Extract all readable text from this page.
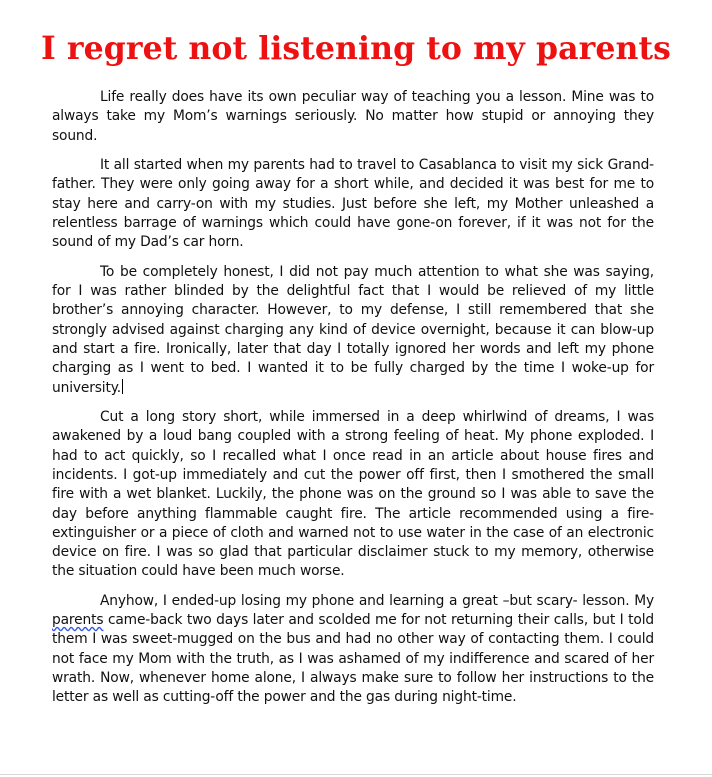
I regret not listening to my parents

Life really does have its own peculiar way of teaching you a lesson. Mine was to always take my Mom’s warnings seriously. No matter how stupid or annoying they sound.

It all started when my parents had to travel to Casablanca to visit my sick Grand-father. They were only going away for a short while, and decided it was best for me to stay here and carry-on with my studies. Just before she left, my Mother unleashed a relentless barrage of warnings which could have gone-on forever, if it was not for the sound of my Dad’s car horn.

To be completely honest, I did not pay much attention to what she was saying, for I was rather blinded by the delightful fact that I would be relieved of my little brother’s annoying character. However, to my defense, I still remembered that she strongly advised against charging any kind of device overnight, because it can blow-up and start a fire. Ironically, later that day I totally ignored her words and left my phone charging as I went to bed. I wanted it to be fully charged by the time I woke-up for university.

Cut a long story short, while immersed in a deep whirlwind of dreams, I was awakened by a loud bang coupled with a strong feeling of heat. My phone exploded. I had to act quickly, so I recalled what I once read in an article about house fires and incidents. I got-up immediately and cut the power off first, then I smothered the small fire with a wet blanket. Luckily, the phone was on the ground so I was able to save the day before anything flammable caught fire. The article recommended using a fire-extinguisher or a piece of cloth and warned not to use water in the case of an electronic device on fire. I was so glad that particular disclaimer stuck to my memory, otherwise the situation could have been much worse.

Anyhow, I ended-up losing my phone and learning a great –but scary- lesson. My parents came-back two days later and scolded me for not returning their calls, but I told them I was sweet-mugged on the bus and had no other way of contacting them. I could not face my Mom with the truth, as I was ashamed of my indifference and scared of her wrath. Now, whenever home alone, I always make sure to follow her instructions to the letter as well as cutting-off the power and the gas during night-time.
